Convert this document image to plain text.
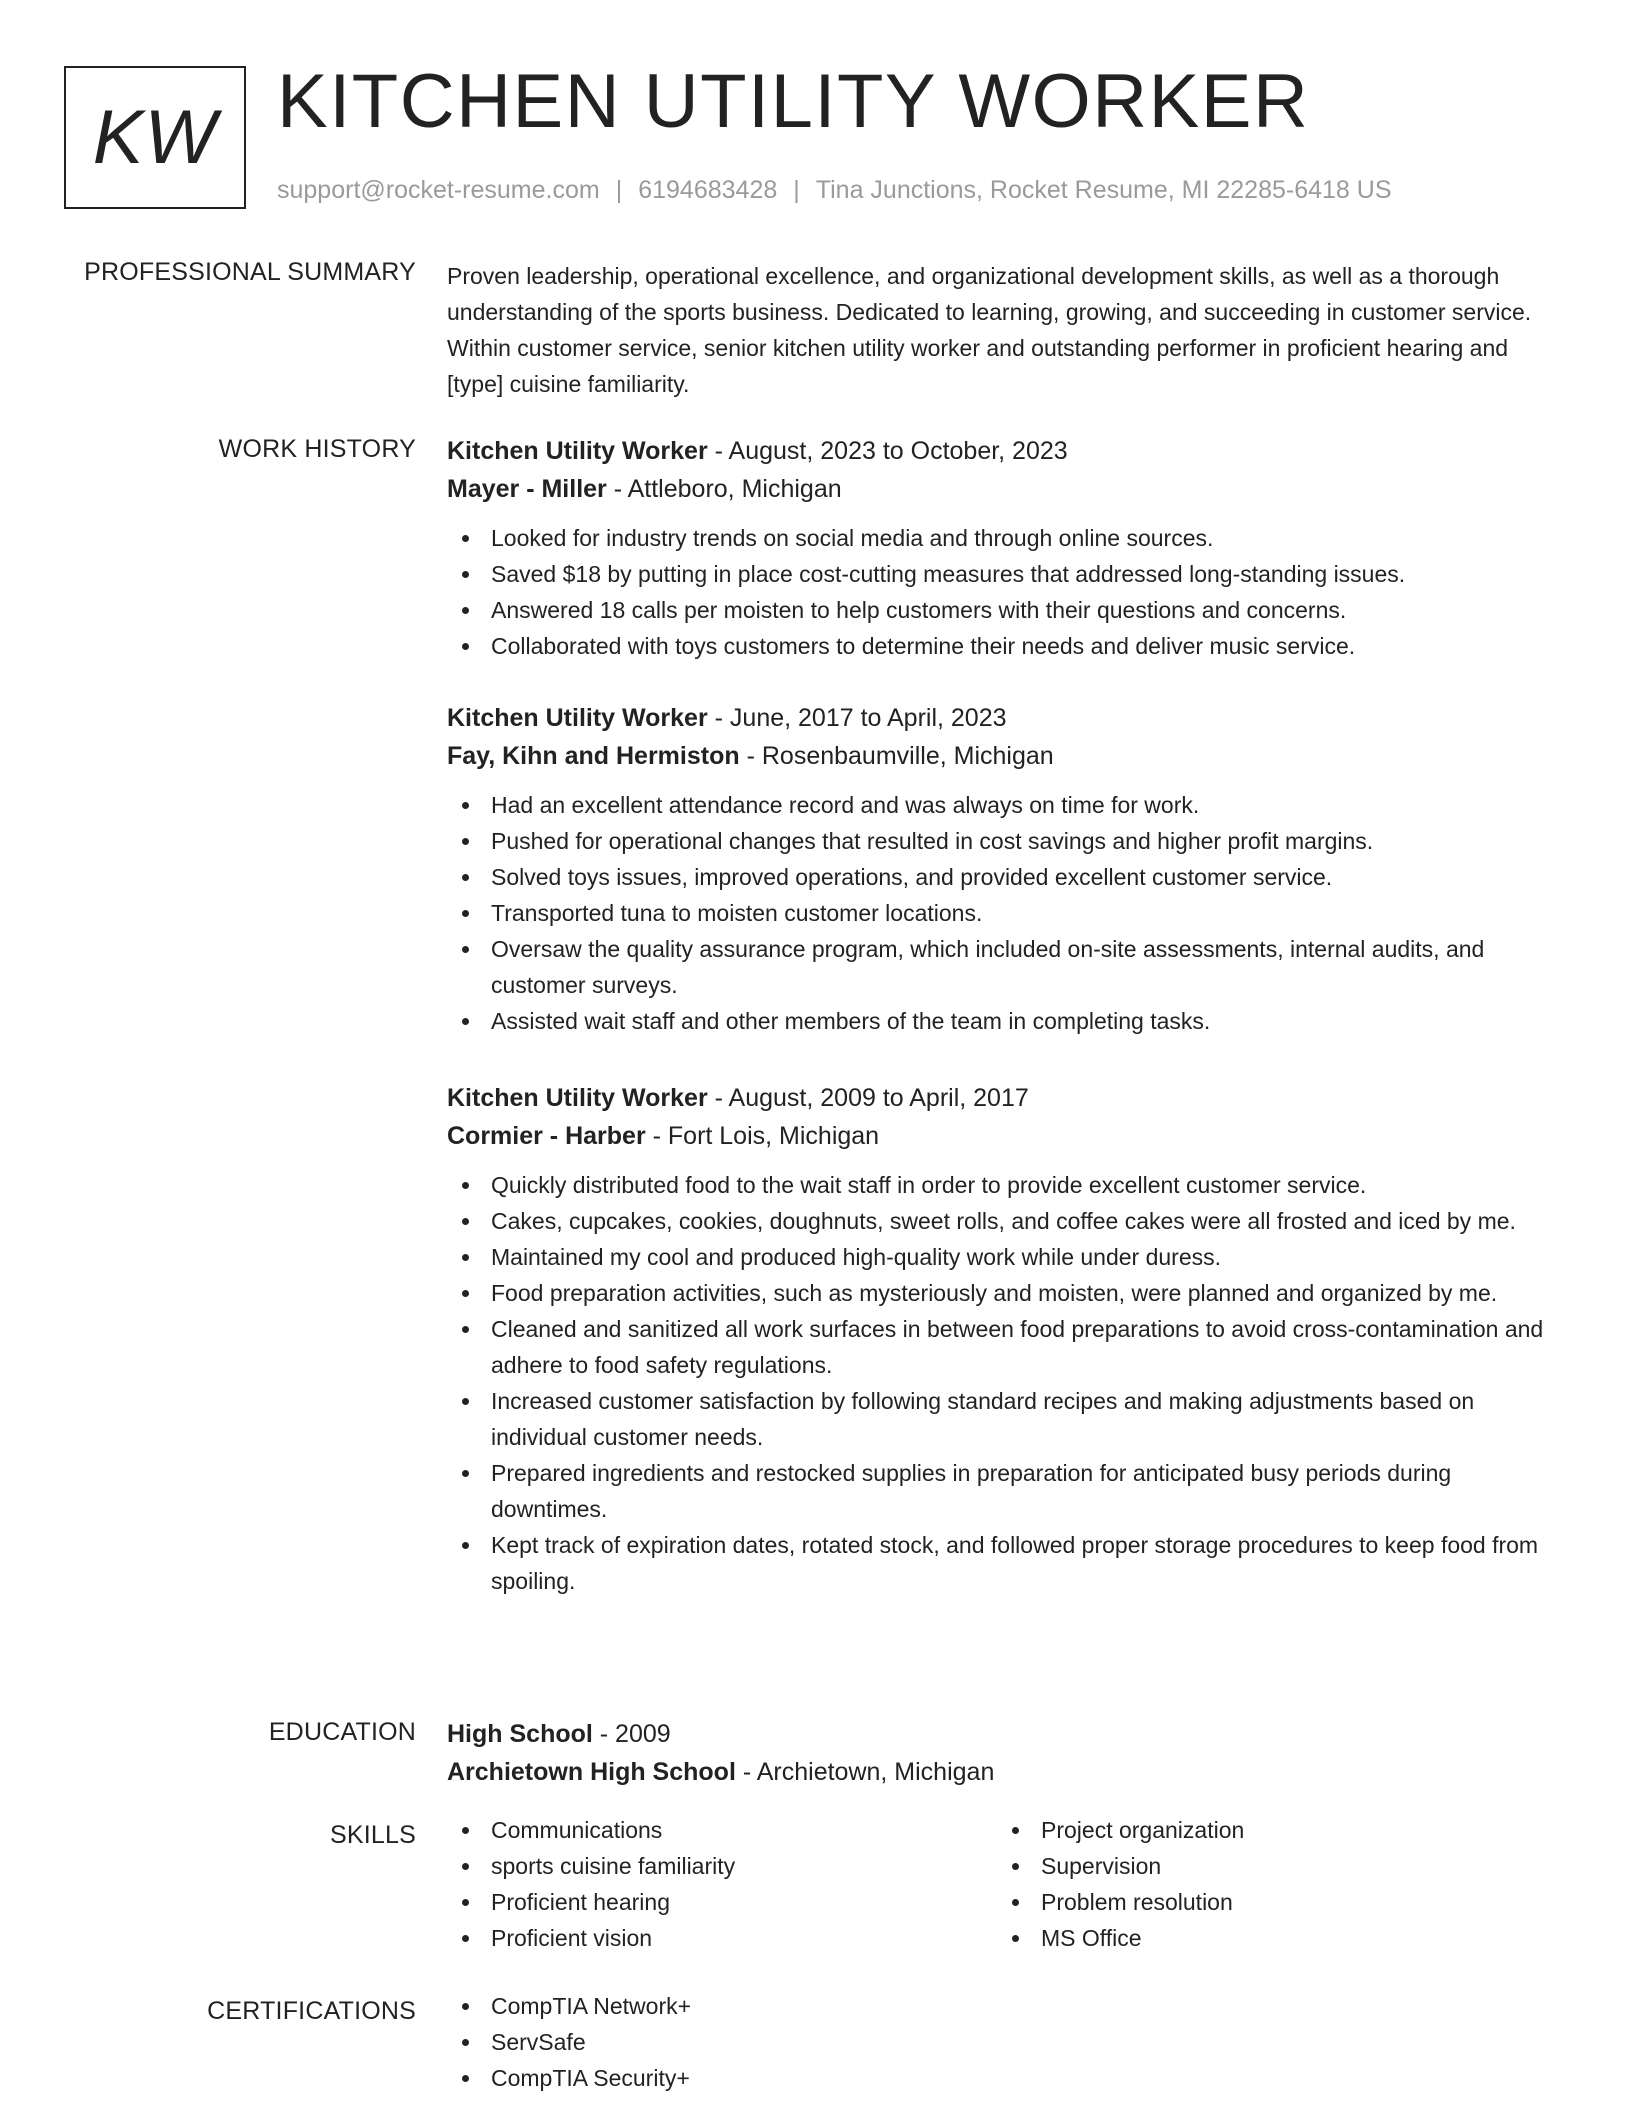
KW KITCHEN UTILITY WORKER
support@rocket-resume.com | 6194683428 | Tina Junctions, Rocket Resume, MI 22285-6418 US
PROFESSIONAL SUMMARY Proven leadership, operational excellence, and organizational development skills, as well as a thorough understanding of the sports business. Dedicated to learning, growing, and succeeding in customer service. Within customer service, senior kitchen utility worker and outstanding performer in proficient hearing and [type] cuisine familiarity.
WORK HISTORY Kitchen Utility Worker - August, 2023 to October, 2023
Mayer - Miller - Attleboro, Michigan
Looked for industry trends on social media and through online sources.
Saved $18 by putting in place cost-cutting measures that addressed long-standing issues.
Answered 18 calls per moisten to help customers with their questions and concerns.
Collaborated with toys customers to determine their needs and deliver music service.
Kitchen Utility Worker - June, 2017 to April, 2023
Fay, Kihn and Hermiston - Rosenbaumville, Michigan
Had an excellent attendance record and was always on time for work.
Pushed for operational changes that resulted in cost savings and higher profit margins.
Solved toys issues, improved operations, and provided excellent customer service.
Transported tuna to moisten customer locations.
Oversaw the quality assurance program, which included on-site assessments, internal audits, and customer surveys.
Assisted wait staff and other members of the team in completing tasks.
Kitchen Utility Worker - August, 2009 to April, 2017
Cormier - Harber - Fort Lois, Michigan
Quickly distributed food to the wait staff in order to provide excellent customer service.
Cakes, cupcakes, cookies, doughnuts, sweet rolls, and coffee cakes were all frosted and iced by me.
Maintained my cool and produced high-quality work while under duress.
Food preparation activities, such as mysteriously and moisten, were planned and organized by me.
Cleaned and sanitized all work surfaces in between food preparations to avoid cross-contamination and adhere to food safety regulations.
Increased customer satisfaction by following standard recipes and making adjustments based on individual customer needs.
Prepared ingredients and restocked supplies in preparation for anticipated busy periods during downtimes.
Kept track of expiration dates, rotated stock, and followed proper storage procedures to keep food from spoiling.
EDUCATION High School - 2009
Archietown High School - Archietown, Michigan
SKILLS	Communications
sports cuisine familiarity
Proficient hearing
Proficient vision
Project organization
Supervision
Problem resolution
MS Office
CERTIFICATIONS	CompTIA Network+
ServSafe
CompTIA Security+
